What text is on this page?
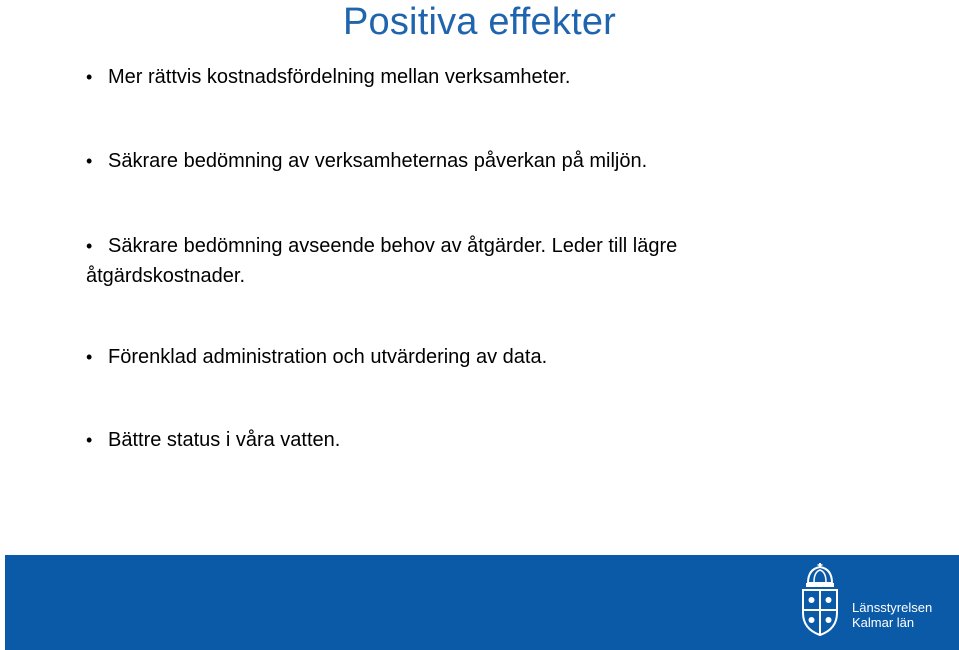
Positiva effekter
• Mer rättvis kostnadsfördelning mellan verksamheter.
• Säkrare bedömning av verksamheternas påverkan på miljön.
• Säkrare bedömning avseende behov av åtgärder. Leder till lägre
åtgärdskostnader.
• Förenklad administration och utvärdering av data.
• Bättre status i våra vatten.
Länsstyrelsen
Kalmar län
